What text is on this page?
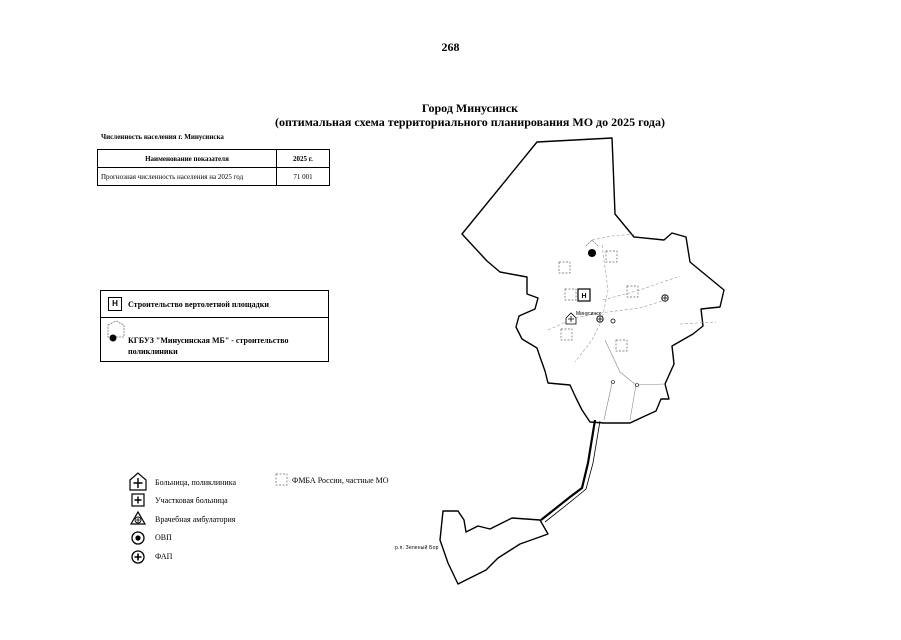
268
Город Минусинск
(оптимальная схема территориального планирования МО до 2025 года)
Численность населения г. Минусинска
Наименование показателя	2025 г.
Прогнозная численность населения на 2025 год	71 001
H	Строительство вертолетной площадки
КГБУЗ "Минусинская МБ" - строительство поликлиники
H
Минусинск
р.п. Зеленый Бор
Больница, поликлиника
Участковая больница
Врачебная амбулатория
ОВП
ФАП
ФМБА России, частные МО
